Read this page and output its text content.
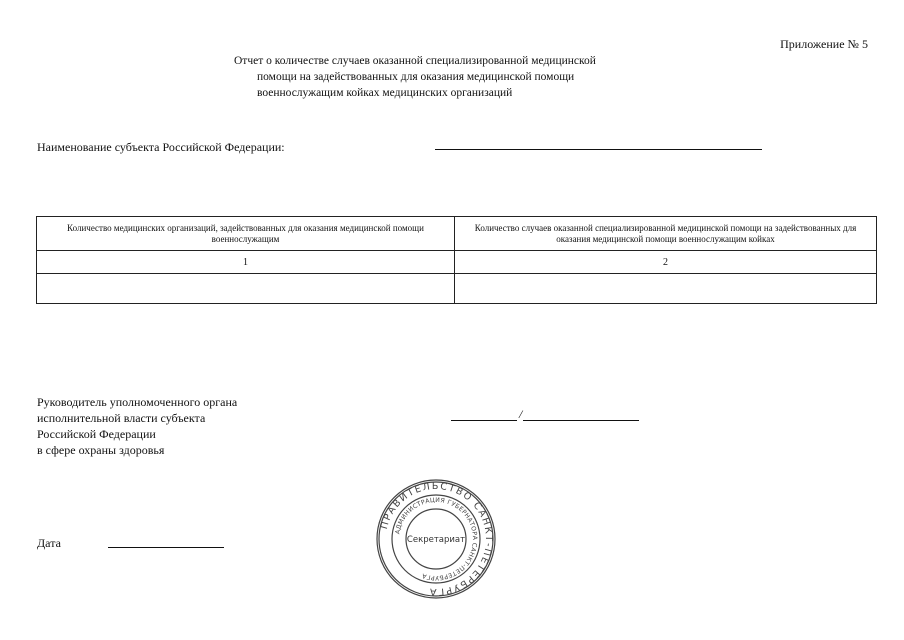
Приложение № 5
Отчет о количестве случаев оказанной специализированной медицинской
помощи на задействованных для оказания медицинской помощи
военнослужащим койках медицинских организаций
Наименование субъекта Российской Федерации:
Количество медицинских организаций, задействованных для оказания медицинской помощи военнослужащим	Количество случаев оказанной специализированной медицинской помощи на задействованных для оказания медицинской помощи военнослужащим койках
1	2

Руководитель уполномоченного органа
исполнительной власти субъекта
Российской Федерации
в сфере охраны здоровья
/
Дата
ПРАВИТЕЛЬСТВО САНКТ-ПЕТЕРБУРГА
АДМИНИСТРАЦИЯ ГУБЕРНАТОРА САНКТ-ПЕТЕРБУРГА
Секретариат
